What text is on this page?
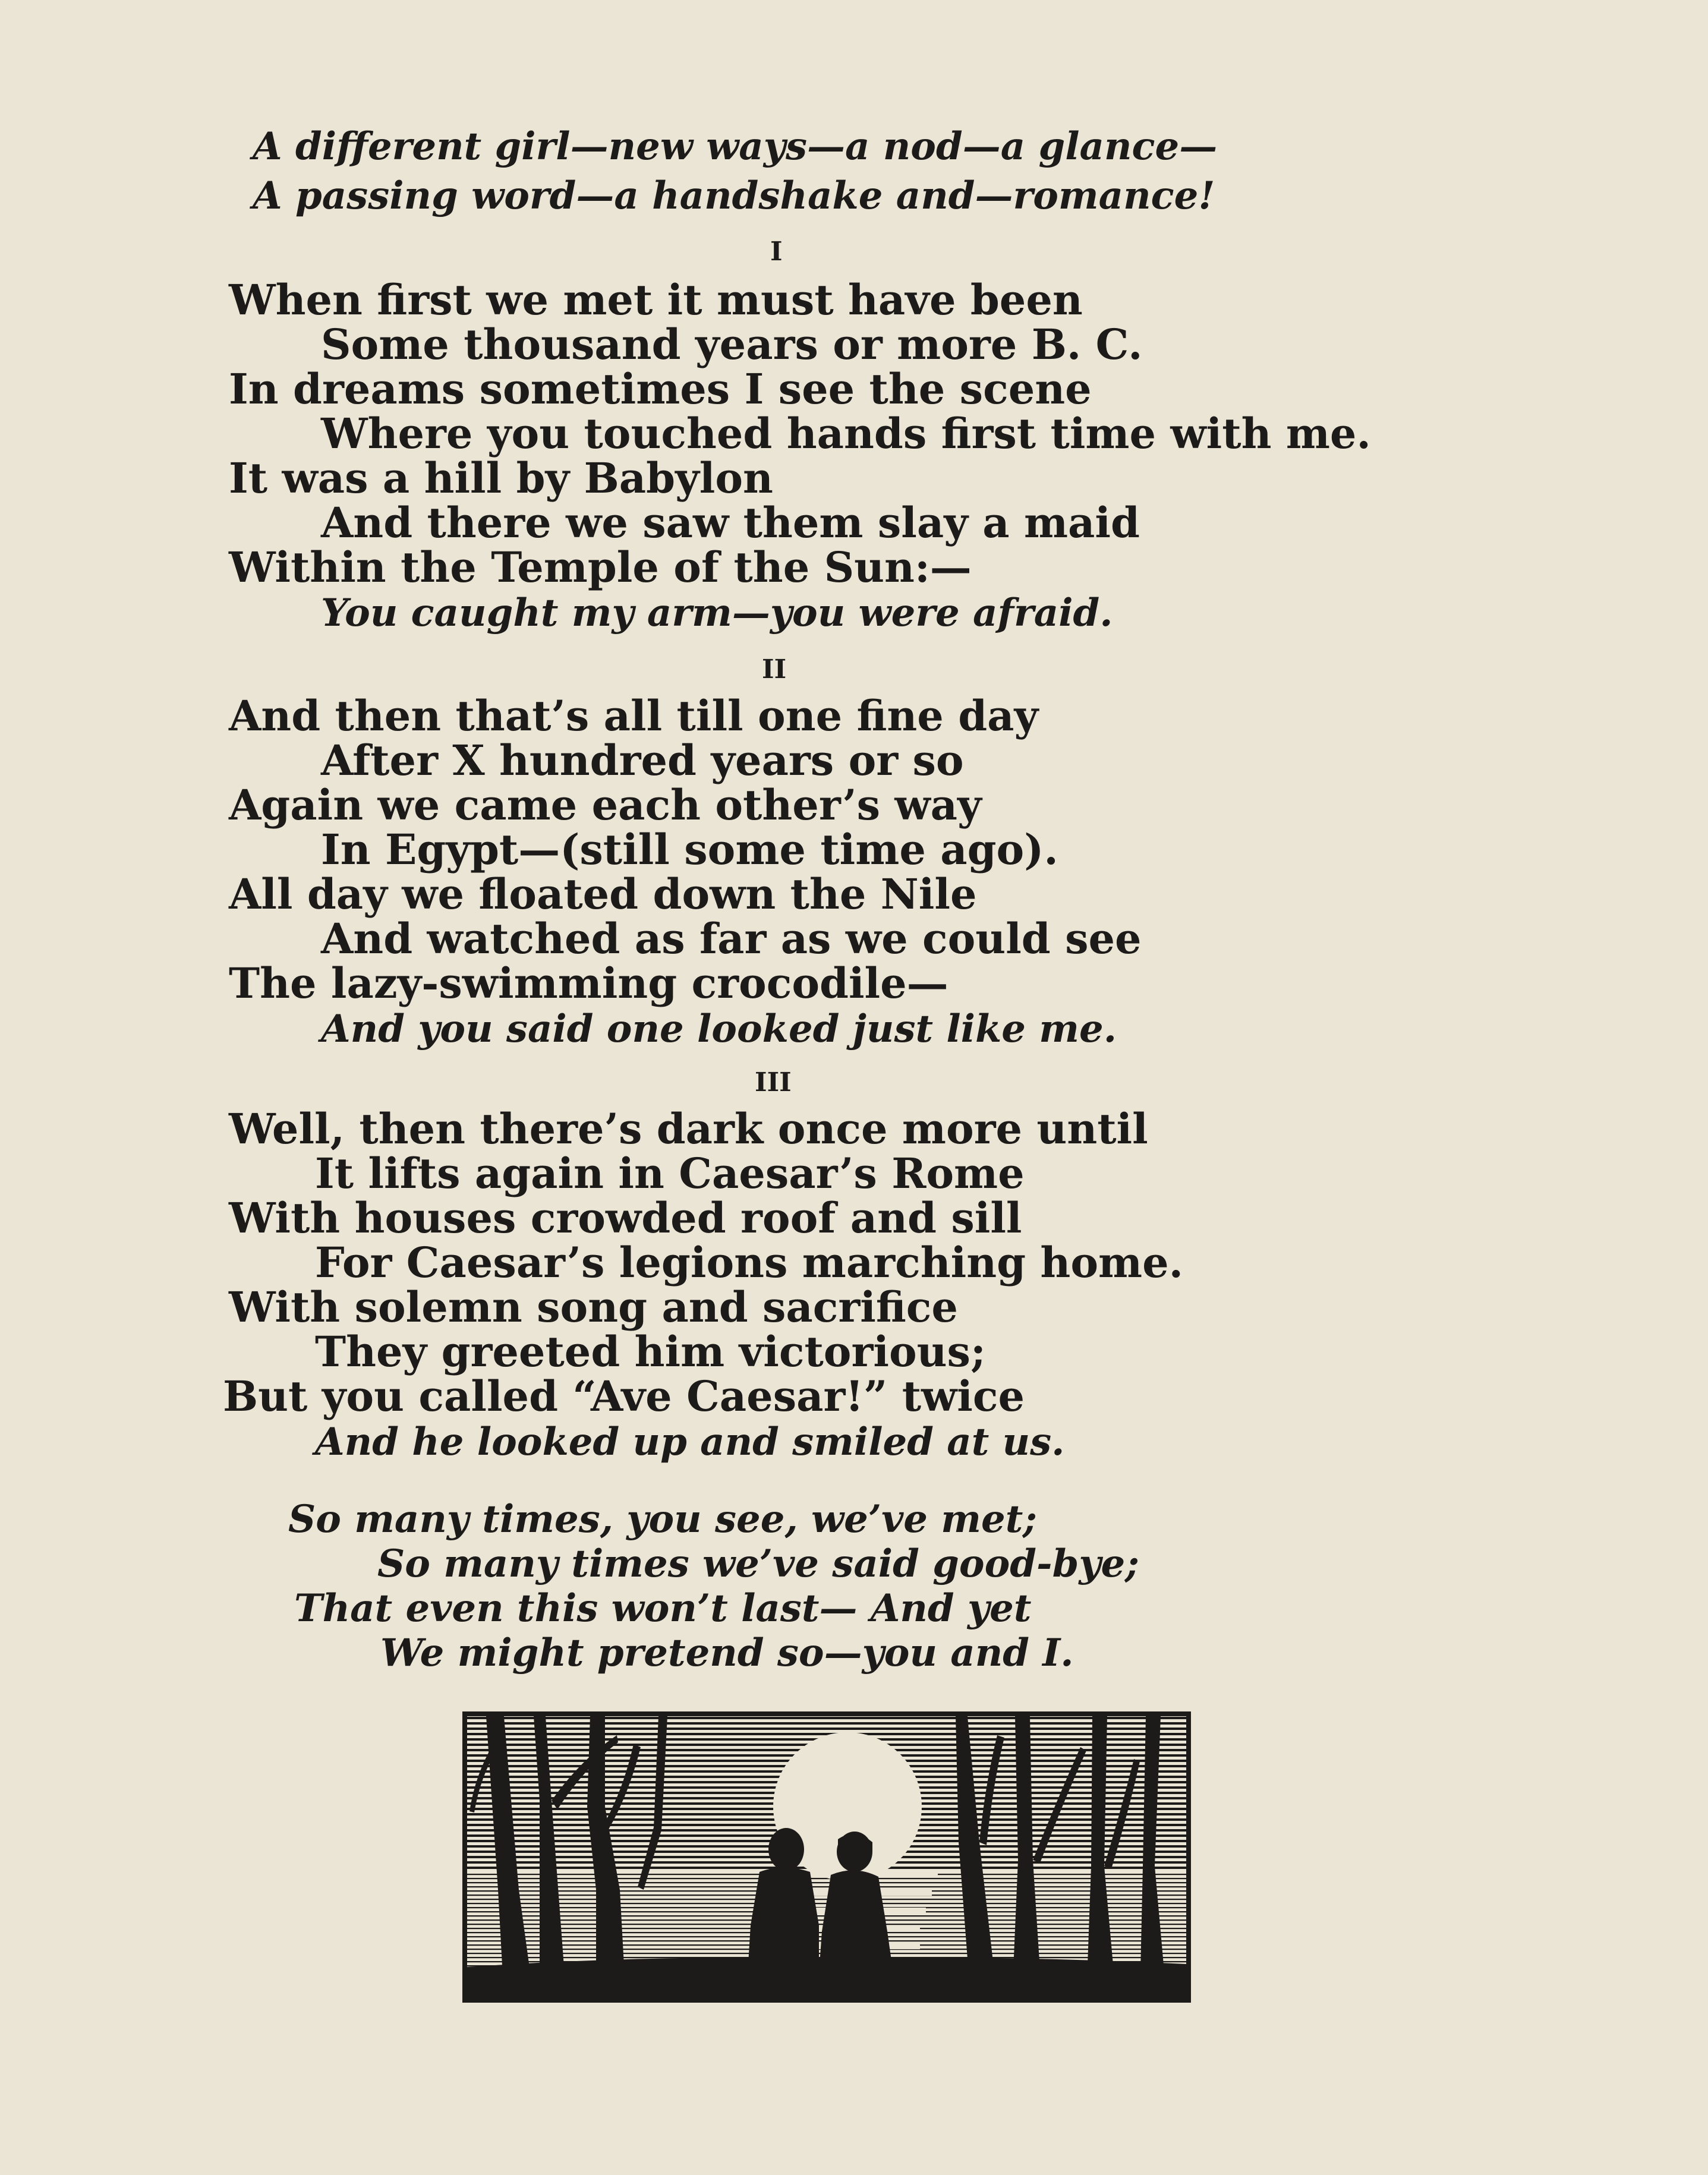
A different girl—new ways—a nod—a glance—
A passing word—a handshake and—romance!
I
When first we met it must have been
Some thousand years or more B. C.
In dreams sometimes I see the scene
Where you touched hands first time with me.
It was a hill by Babylon
And there we saw them slay a maid
Within the Temple of the Sun:—
You caught my arm—you were afraid.
II
And then that’s all till one fine day
After X hundred years or so
Again we came each other’s way
In Egypt—(still some time ago).
All day we floated down the Nile
And watched as far as we could see
The lazy-swimming crocodile—
And you said one looked just like me.
III
Well, then there’s dark once more until
It lifts again in Caesar’s Rome
With houses crowded roof and sill
For Caesar’s legions marching home.
With solemn song and sacrifice
They greeted him victorious;
But you called “Ave Caesar!” twice
And he looked up and smiled at us.
So many times, you see, we’ve met;
So many times we’ve said good-bye;
That even this won’t last— And yet
We might pretend so—you and I.
